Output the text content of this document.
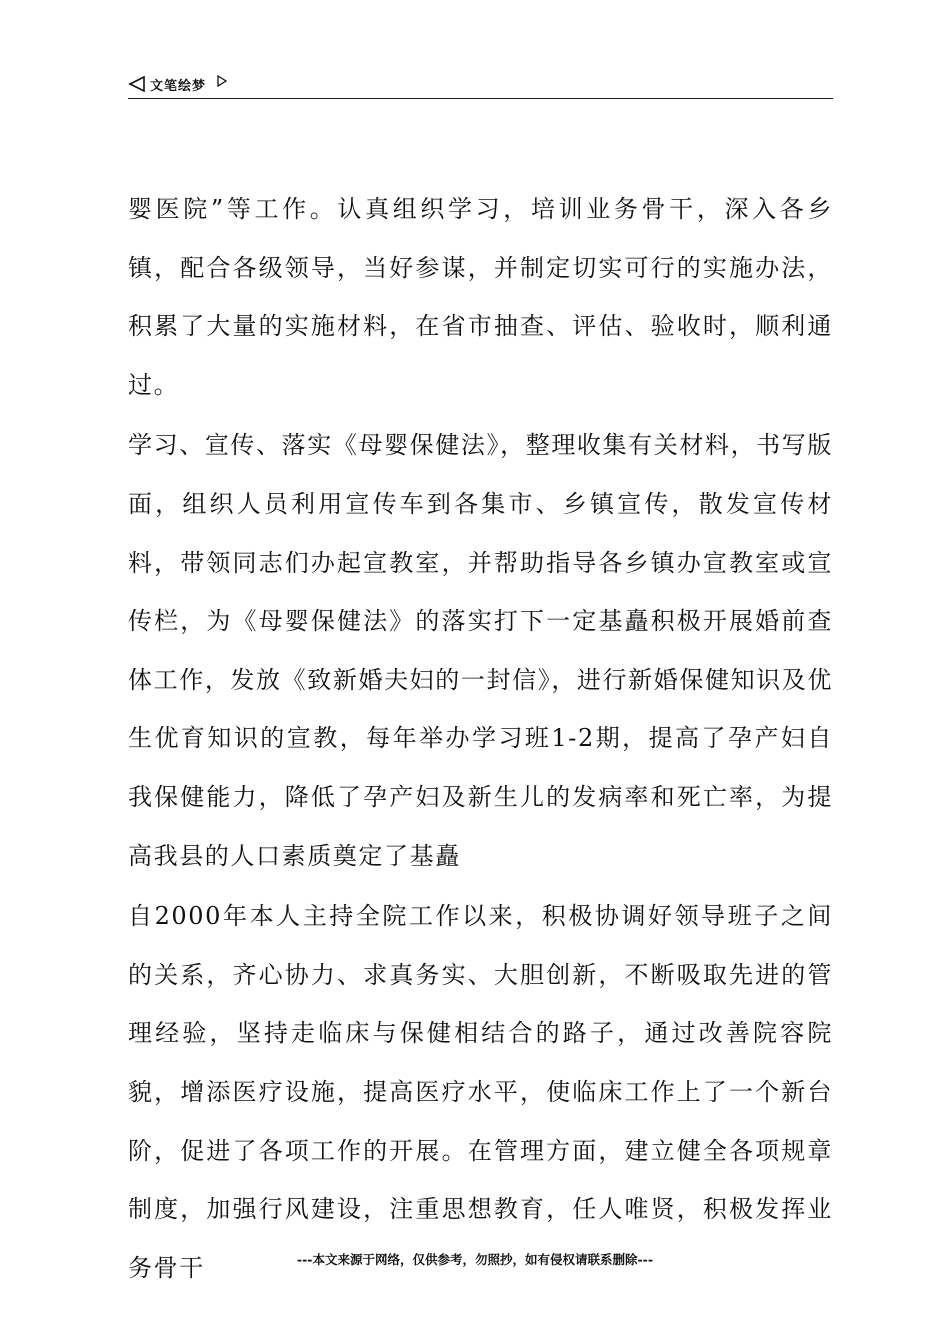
文笔绘梦

婴医院”等工作。认真组织学习，培训业务骨干，深入各乡镇，配合各级领导，当好参谋，并制定切实可行的实施办法，积累了大量的实施材料，在省市抽查、评估、验收时，顺利通过。

学习、宣传、落实《母婴保健法》，整理收集有关材料，书写版面，组织人员利用宣传车到各集市、乡镇宣传，散发宣传材料，带领同志们办起宣教室，并帮助指导各乡镇办宣教室或宣传栏，为《母婴保健法》的落实打下一定基矗积极开展婚前查体工作，发放《致新婚夫妇的一封信》，进行新婚保健知识及优生优育知识的宣教，每年举办学习班1-2期，提高了孕产妇自我保健能力，降低了孕产妇及新生儿的发病率和死亡率，为提高我县的人口素质奠定了基矗

自2000年本人主持全院工作以来，积极协调好领导班子之间的关系，齐心协力、求真务实、大胆创新，不断吸取先进的管理经验，坚持走临床与保健相结合的路子，通过改善院容院貌，增添医疗设施，提高医疗水平，使临床工作上了一个新台阶，促进了各项工作的开展。在管理方面，建立健全各项规章制度，加强行风建设，注重思想教育，任人唯贤，积极发挥业务骨干	---本文来源于网络，仅供参考，勿照抄，如有侵权请联系删除---
